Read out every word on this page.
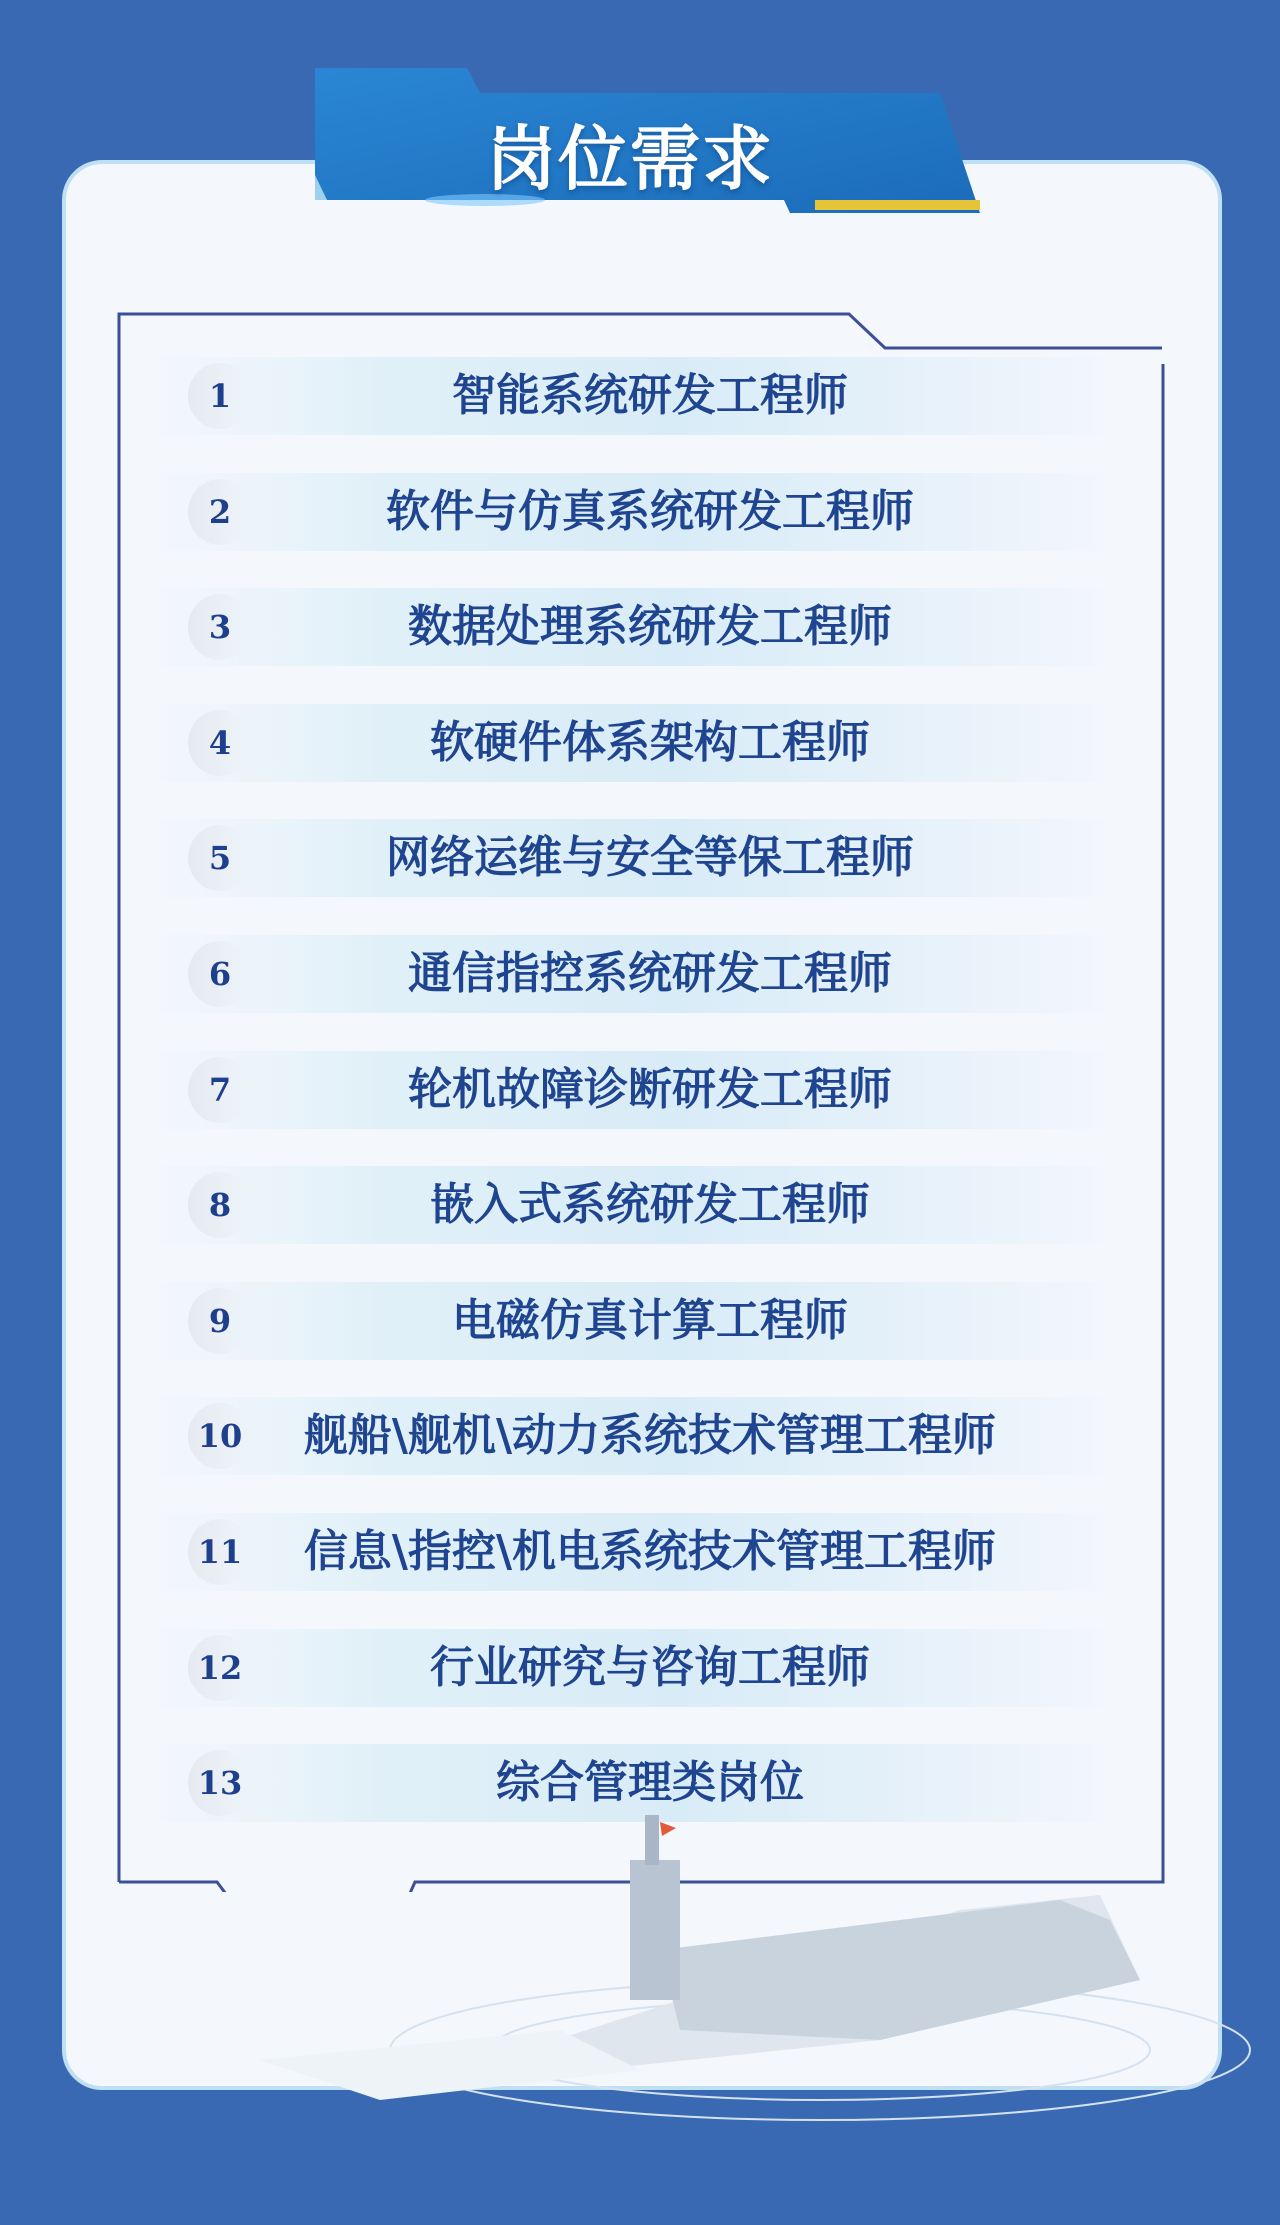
岗位需求
1	智能系统研发工程师
2	软件与仿真系统研发工程师
3	数据处理系统研发工程师
4	软硬件体系架构工程师
5	网络运维与安全等保工程师
6	通信指控系统研发工程师
7	轮机故障诊断研发工程师
8	嵌入式系统研发工程师
9	电磁仿真计算工程师
10	舰船\舰机\动力系统技术管理工程师
11	信息\指控\机电系统技术管理工程师
12	行业研究与咨询工程师
13	综合管理类岗位
